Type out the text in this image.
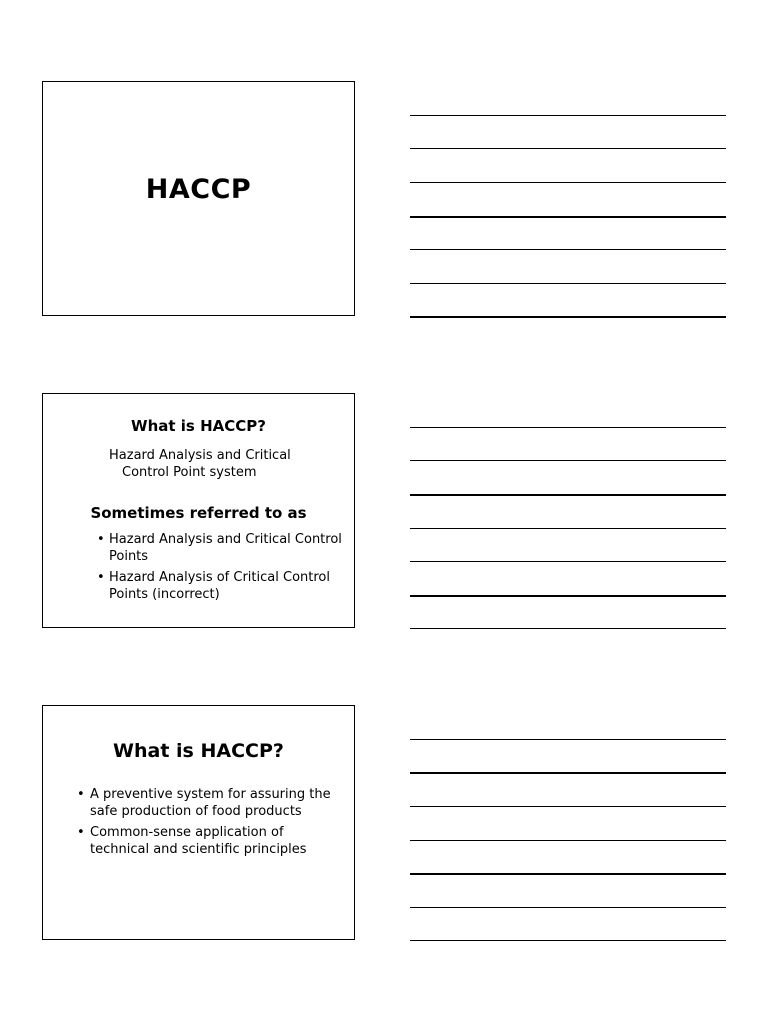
HACCP
What is HACCP?
Hazard Analysis and Critical
Control Point system
Sometimes referred to as
• Hazard Analysis and Critical Control Points
• Hazard Analysis of Critical Control Points (incorrect)
What is HACCP?
• A preventive system for assuring the safe production of food products
• Common-sense application of technical and scientific principles
